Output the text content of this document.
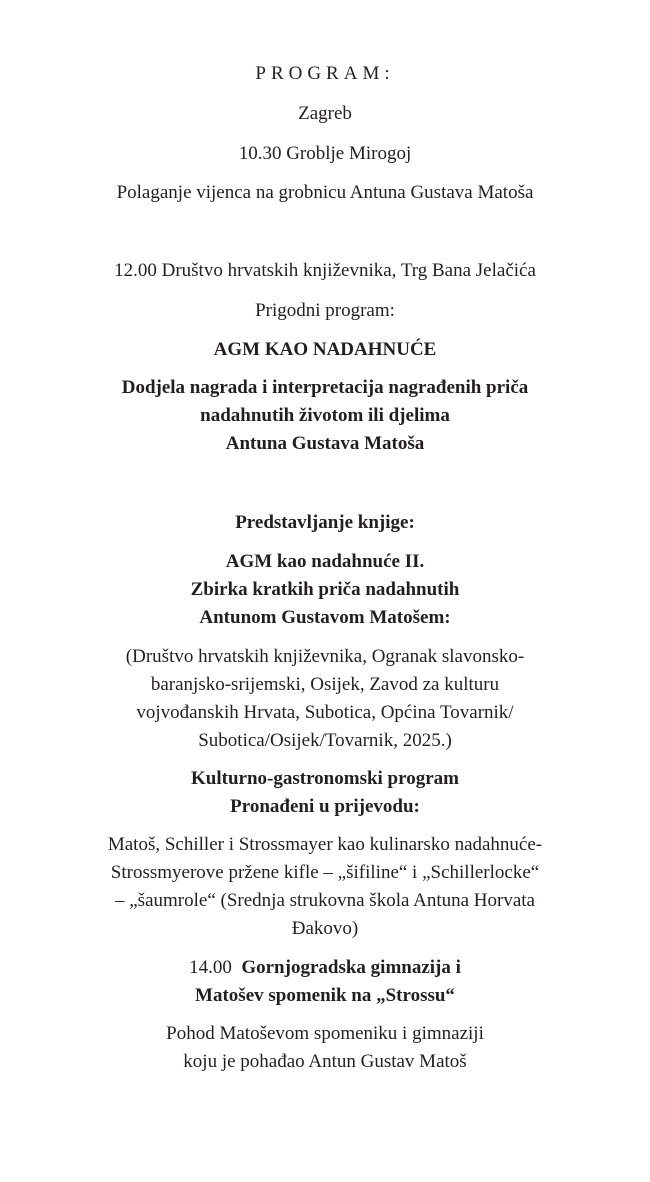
PROGRAM:
Zagreb
10.30 Groblje Mirogoj
Polaganje vijenca na grobnicu Antuna Gustava Matoša
12.00 Društvo hrvatskih književnika, Trg Bana Jelačića
Prigodni program:
AGM KAO NADAHNUĆE
Dodjela nagrada i interpretacija nagrađenih priča
nadahnutih životom ili djelima
Antuna Gustava Matoša
Predstavljanje knjige:
AGM kao nadahnuće II.
Zbirka kratkih priča nadahnutih
Antunom Gustavom Matošem:
(Društvo hrvatskih književnika, Ogranak slavonsko-
baranjsko-srijemski, Osijek, Zavod za kulturu
vojvođanskih Hrvata, Subotica, Općina Tovarnik/
Subotica/Osijek/Tovarnik, 2025.)
Kulturno-gastronomski program
Pronađeni u prijevodu:
Matoš, Schiller i Strossmayer kao kulinarsko nadahnuće-
Strossmyerove pržene kifle – „šifiline“ i „Schillerlocke“
– „šaumrole“ (Srednja strukovna škola Antuna Horvata
Đakovo)
14.00 Gornjogradska gimnazija i
Matošev spomenik na „Strossu“
Pohod Matoševom spomeniku i gimnaziji
koju je pohađao Antun Gustav Matoš
